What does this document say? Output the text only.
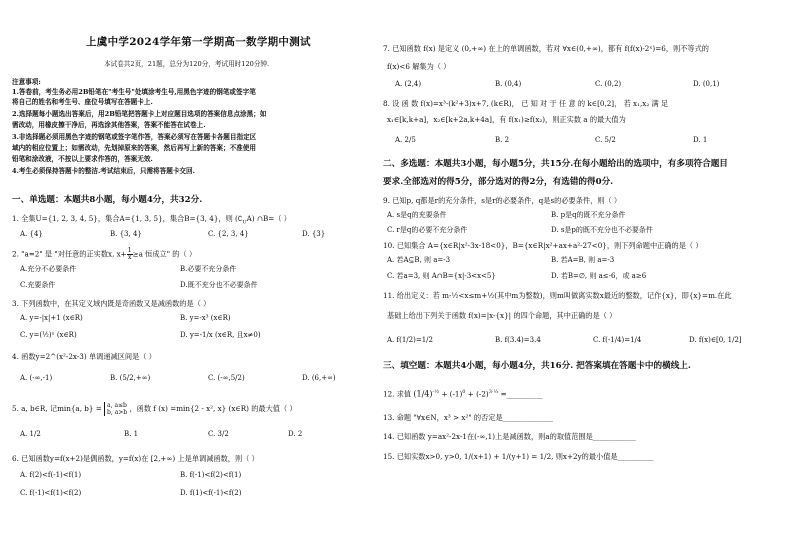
上虞中学2024学年第一学期高一数学期中测试
本试卷共2页，21题，总分为120分，考试用时120分钟.
注意事项:
1.答卷前，考生务必用2B铅笔在"考生号"处填涂考生号,用黑色字迹的钢笔或签字笔
将自己的姓名和考生号、座位号填写在答题卡上.
2.选择题每小题选出答案后，用2B铅笔把答题卡上对应题目选项的答案信息点涂黑；如
需改动，用橡皮擦干净后，再选涂其他答案，答案不能答在试卷上.
3.非选择题必须用黑色字迹的钢笔或签字笔作答，答案必须写在答题卡各题目指定区
域内的相应位置上；如需改动，先划掉原来的答案，然后再写上新的答案；不准使用
铅笔和涂改液，不按以上要求作答的，答案无效.
4.考生必须保持答题卡的整洁.考试结束后，只需将答题卡交回.
一、单选题：本题共8小题，每小题4分，共32分.
1. 全集U={1, 2, 3, 4, 5}，集合A={1, 3, 5}，集合B={3, 4}，则 $(∁_UA)$ ∩B=（ ）
A. {4}	B. {3, 4}	C. {2, 3, 4}	D. {3}
2. "a=2" 是 "对任意的正实数x, $x+ \frac{1}{x} \ge a$ 恒成立" 的（ ）
A.充分不必要条件	B.必要不充分条件
C.充要条件	D.既不充分也不必要条件
3. 下列函数中，在其定义域内既是奇函数又是减函数的是（ ）
A. y=-|x|+1 (x∈R)	B. y=-x³ (x∈R)
C. y=(½)ˣ (x∈R)	D. y=-1/x (x∈R, 且x≠0)
4. 函数y=2^(x²-2x-3) 单调递减区间是（ ）
A. (-∞,-1)	B. (5/2,+∞)	C. (-∞,5/2)	D. (6,+∞)
5. a, b∈R, 记min{a, b} = a, a≤b
b, a>b ，函数 f (x) =min{2 - x², x} (x∈R) 的最大值（ ）
A. 1/2	B. 1	C. 3/2	D. 2
6. 已知函数y=f(x+2)是偶函数，y=f(x)在 [2,+∞) 上是单调减函数，则（ ）
A. f(2)<f(-1)<f(1)	B. f(-1)<f(2)<f(1)
C. f(-1)<f(1)<f(2)	D. f(1)<f(-1)<f(2)
7. 已知函数 f(x) 是定义 (0,+∞) 在上的单调函数，若对 ∀x∈(0,+∞)，都有 f(f(x)-2ˣ)=6，则不等式的
f(x)<6 解集为（ ）
A. (2,4)	B. (0,4)	C. (0,2)	D. (0,1)
8. 设 函 数 f(x)=x³-(k²+3)x+7, (k∈R)， 已 知 对 于 任 意 的 k∈[0,2]， 若 x₁,x₂ 满 足
x₁∈[k,k+a]，x₂∈[k+2a,k+4a]，有 f(x₁)≥f(x₂)，则正实数 a 的最大值为
A. 2/5	B. 2	C. 5/2	D. 1
二、多选题：本题共3小题，每小题5分，共15分.在每小题给出的选项中，有多项符合题目
要求.全部选对的得5分，部分选对的得2分，有选错的得0分.
9. 已知p, q都是r的充分条件，s是r的必要条件，q是s的必要条件，则（ ）
A. s是q的充要条件	B. p是q的既不充分条件
C. r是q的必要不充分条件	D. s是p的既不充分也不必要条件
10. 已知集合 A={x∈R|x²-3x-18<0}，B={x∈R|x²+ax+a²-27<0}，则下列命题中正确的是（ ）
A. 若A⊆B, 则 a=-3	B. 若A=B, 则 a=-3
C. 若a=3, 则 A∩B={x|-3<x<5}	D. 若B=∅, 则 a≤-6，或 a≥6
11. 给出定义：若 m-½<x≤m+½(其中m为整数)，则m叫做离实数x最近的整数，记作{x}，即{x}=m.在此
基础上给出下列关于函数 f(x)=|x-{x}| 的四个命题，其中正确的是（ ）
A. f(1/2)=1/2	B. f(3.4)=3.4	C. f(-1/4)=1/4	D. f(x)∈[0, 1/2]
三、填空题：本题共4小题，每小题4分，共16分. 把答案填在答题卡中的横线上.
12. 求值 $(1/4)^{-\frac{1}{2}} + (-1)^0 + (-2)^{3\cdot\frac{1}{3}}$ =__________
13. 命题 "∀x∈N，x³ > x²" 的否定是______________
14. 已知函数 y=ax²-2x-1在(-∞,1)上是减函数，则a的取值范围是____________
15. 已知实数x>0, y>0, 1/(x+1) + 1/(y+1) = 1/2, 则x+2y的最小值是__________
